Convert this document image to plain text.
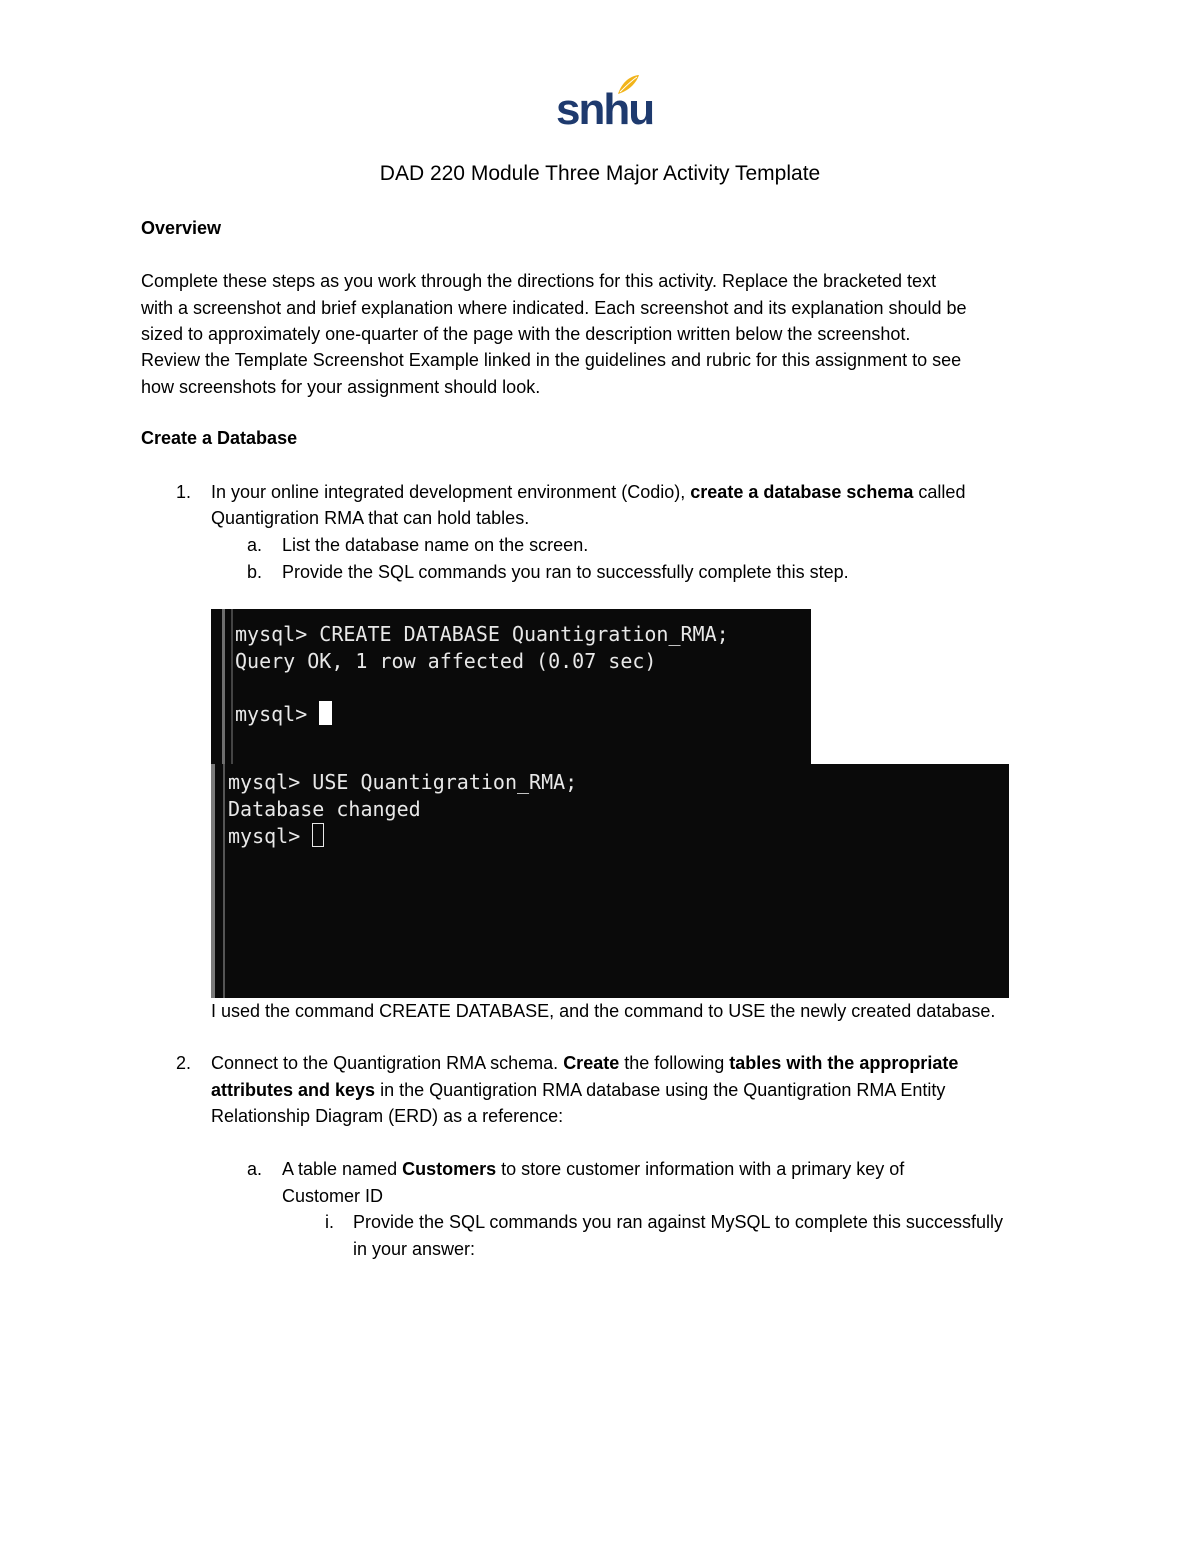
snhu
DAD 220 Module Three Major Activity Template
Overview
Complete these steps as you work through the directions for this activity. Replace the bracketed text
with a screenshot and brief explanation where indicated. Each screenshot and its explanation should be
sized to approximately one-quarter of the page with the description written below the screenshot.
Review the Template Screenshot Example linked in the guidelines and rubric for this assignment to see
how screenshots for your assignment should look.
Create a Database
1. In your online integrated development environment (Codio), create a database schema called
Quantigration RMA that can hold tables.
a. List the database name on the screen.
b. Provide the SQL commands you ran to successfully complete this step.

mysql> CREATE DATABASE Quantigration_RMA;

Query OK, 1 row affected (0.07 sec)

mysql>

mysql> USE Quantigration_RMA;

Database changed

mysql>

I used the command CREATE DATABASE, and the command to USE the newly created database.
2. Connect to the Quantigration RMA schema. Create the following tables with the appropriate
attributes and keys in the Quantigration RMA database using the Quantigration RMA Entity
Relationship Diagram (ERD) as a reference:
a. A table named Customers to store customer information with a primary key of
Customer ID
i. Provide the SQL commands you ran against MySQL to complete this successfully
in your answer:
